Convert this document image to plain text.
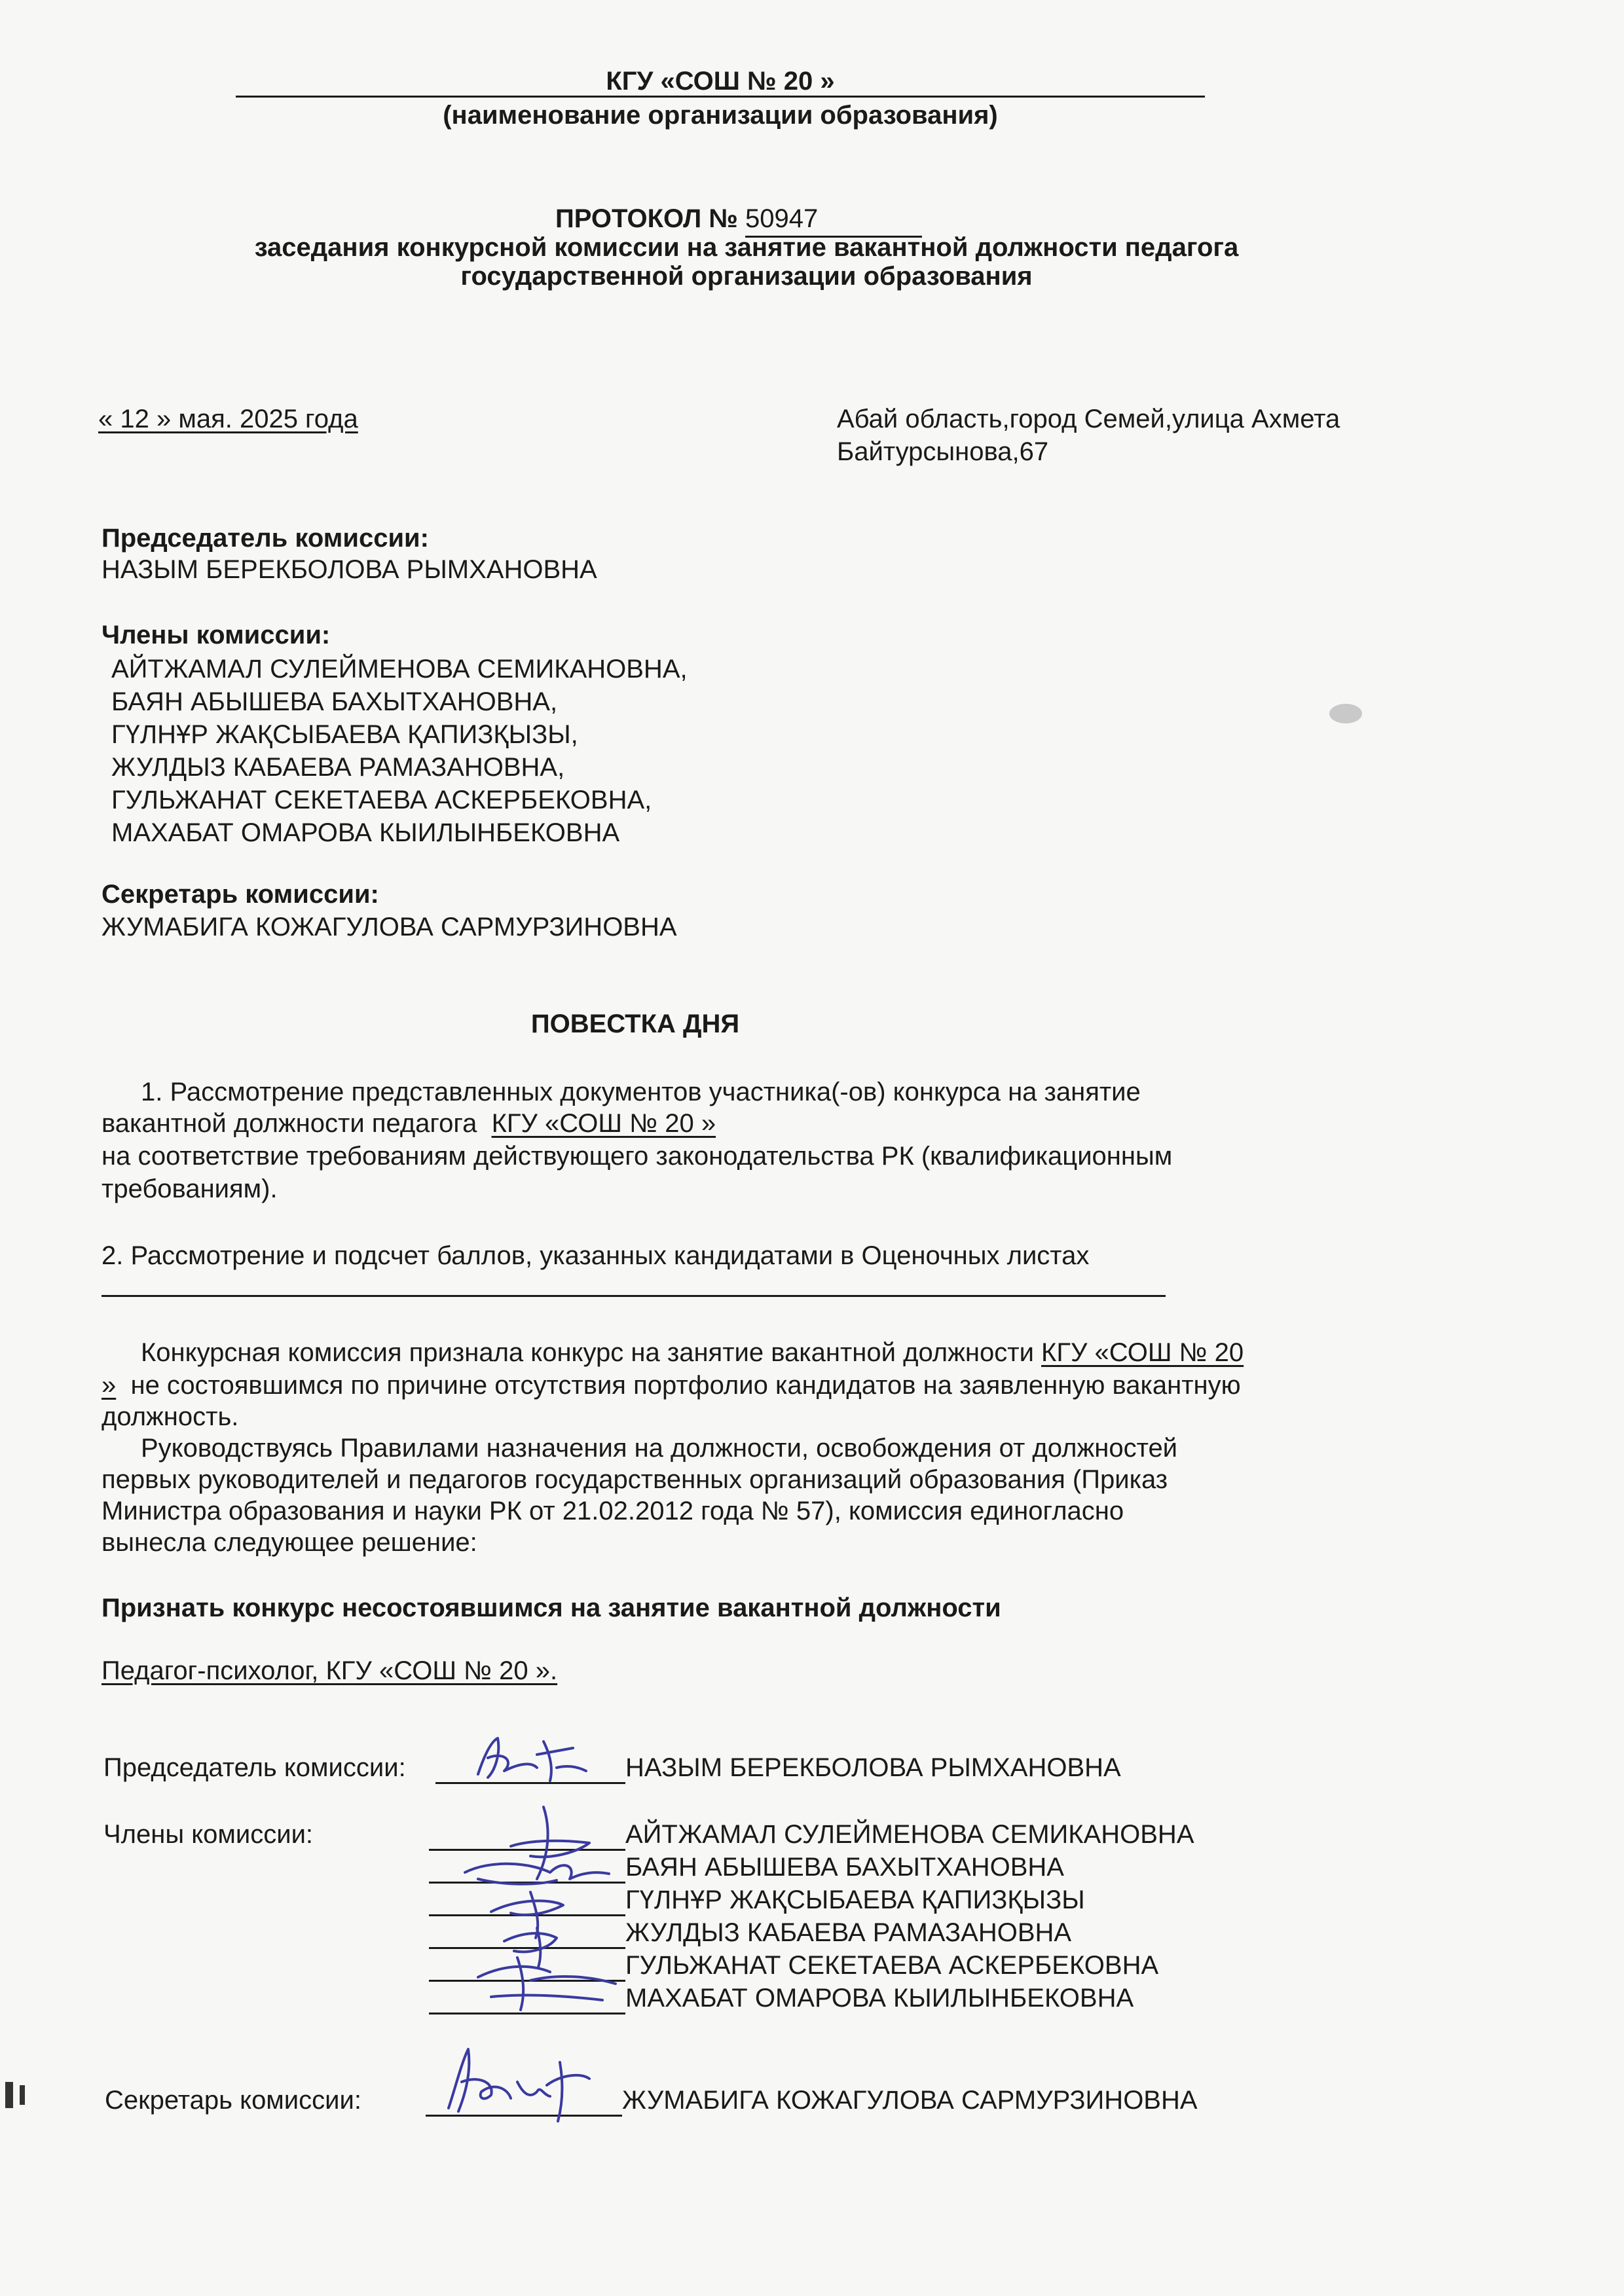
КГУ «СОШ № 20 »
(наименование организации образования)
ПРОТОКОЛ № 50947
заседания конкурсной комиссии на занятие вакантной должности педагога
государственной организации образования
« 12 » мая. 2025 года	Абай область,город Семей,улица Ахмета
Байтурсынова,67
Председатель комиссии:
НАЗЫМ БЕРЕКБОЛОВА РЫМХАНОВНА
Члены комиссии:
АЙТЖАМАЛ СУЛЕЙМЕНОВА СЕМИКАНОВНА,
БАЯН АБЫШЕВА БАХЫТХАНОВНА,
ГҮЛНҰР ЖАҚСЫБАЕВА ҚАПИЗҚЫЗЫ,
ЖУЛДЫЗ КАБАЕВА РАМАЗАНОВНА,
ГУЛЬЖАНАТ СЕКЕТАЕВА АСКЕРБЕКОВНА,
МАХАБАТ ОМАРОВА КЫИЛЫНБЕКОВНА
Секретарь комиссии:
ЖУМАБИГА КОЖАГУЛОВА САРМУРЗИНОВНА
ПОВЕСТКА ДНЯ
1. Рассмотрение представленных документов участника(-ов) конкурса на занятие
вакантной должности педагога КГУ «СОШ № 20 »
на соответствие требованиям действующего законодательства РК (квалификационным
требованиям).
2. Рассмотрение и подсчет баллов, указанных кандидатами в Оценочных листах
Конкурсная комиссия признала конкурс на занятие вакантной должности КГУ «СОШ № 20
» не состоявшимся по причине отсутствия портфолио кандидатов на заявленную вакантную
должность.
Руководствуясь Правилами назначения на должности, освобождения от должностей
первых руководителей и педагогов государственных организаций образования (Приказ
Министра образования и науки РК от 21.02.2012 года № 57), комиссия единогласно
вынесла следующее решение:
Признать конкурс несостоявшимся на занятие вакантной должности
Педагог-психолог, КГУ «СОШ № 20 ».
Председатель комиссии:	НАЗЫМ БЕРЕКБОЛОВА РЫМХАНОВНА
Члены комиссии:	АЙТЖАМАЛ СУЛЕЙМЕНОВА СЕМИКАНОВНА
БАЯН АБЫШЕВА БАХЫТХАНОВНА
ГҮЛНҰР ЖАҚСЫБАЕВА ҚАПИЗҚЫЗЫ
ЖУЛДЫЗ КАБАЕВА РАМАЗАНОВНА
ГУЛЬЖАНАТ СЕКЕТАЕВА АСКЕРБЕКОВНА
МАХАБАТ ОМАРОВА КЫИЛЫНБЕКОВНА
Секретарь комиссии:	ЖУМАБИГА КОЖАГУЛОВА САРМУРЗИНОВНА
